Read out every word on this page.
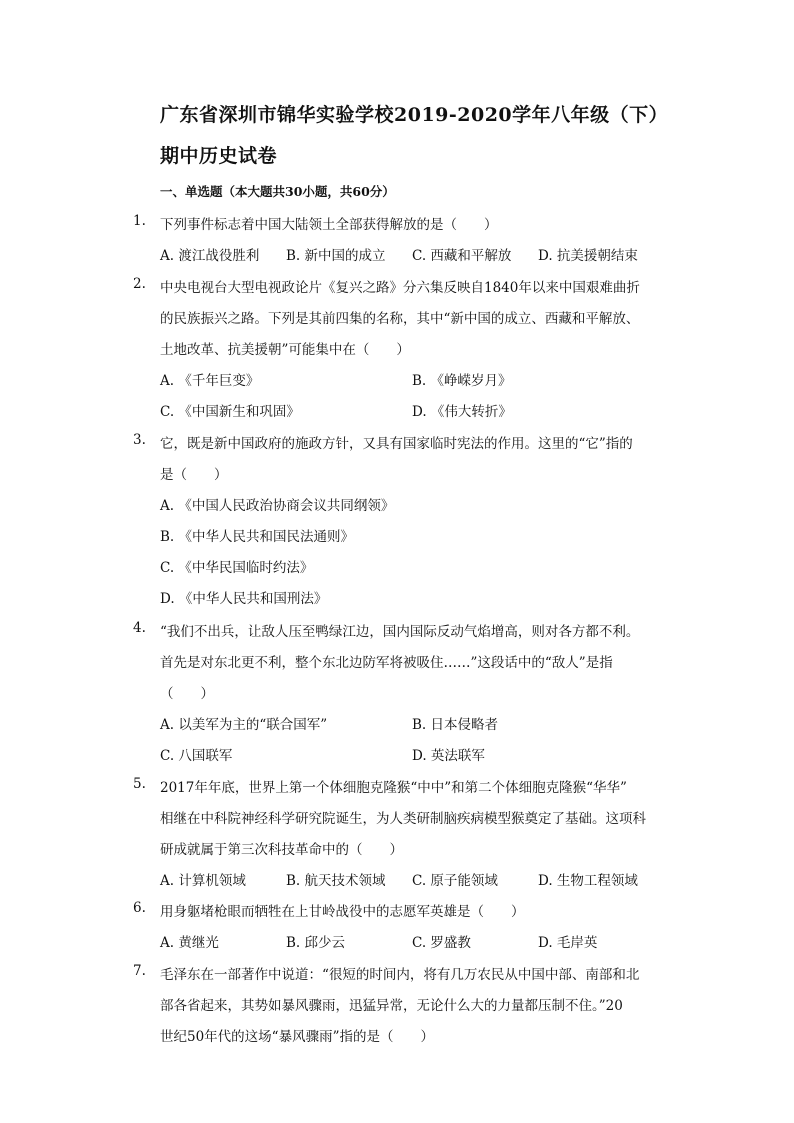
广东省深圳市锦华实验学校2019-2020学年八年级（下）
期中历史试卷
一、单选题（本大题共30小题，共60分）
1. 下列事件标志着中国大陆领土全部获得解放的是（　　）
A. 渡江战役胜利 B. 新中国的成立 C. 西藏和平解放 D. 抗美援朝结束
2. 中央电视台大型电视政论片《复兴之路》分六集反映自1840年以来中国艰难曲折
的民族振兴之路。下列是其前四集的名称，其中“新中国的成立、西藏和平解放、
土地改革、抗美援朝”可能集中在（　　）
A. 《千年巨变》	B. 《峥嵘岁月》
C. 《中国新生和巩固》	D. 《伟大转折》
3. 它，既是新中国政府的施政方针，又具有国家临时宪法的作用。这里的“它”指的
是（　　）
A. 《中国人民政治协商会议共同纲领》
B. 《中华人民共和国民法通则》
C. 《中华民国临时约法》
D. 《中华人民共和国刑法》
4. “我们不出兵，让敌人压至鸭绿江边，国内国际反动气焰增高，则对各方都不利。
首先是对东北更不利，整个东北边防军将被吸住……”这段话中的“敌人”是指
（　　）
A. 以美军为主的“联合国军”	B. 日本侵略者
C. 八国联军	D. 英法联军
5. 2017年年底，世界上第一个体细胞克隆猴“中中”和第二个体细胞克隆猴“华华”
相继在中科院神经科学研究院诞生，为人类研制脑疾病模型猴奠定了基础。这项科
研成就属于第三次科技革命中的（　　）
A. 计算机领域	B. 航天技术领域 C. 原子能领域	D. 生物工程领域
6. 用身躯堵枪眼而牺牲在上甘岭战役中的志愿军英雄是（　　）
A. 黄继光	B. 邱少云	C. 罗盛教	D. 毛岸英
7. 毛泽东在一部著作中说道：“很短的时间内，将有几万农民从中国中部、南部和北
部各省起来，其势如暴风骤雨，迅猛异常，无论什么大的力量都压制不住。”20
世纪50年代的这场“暴风骤雨”指的是（　　）
